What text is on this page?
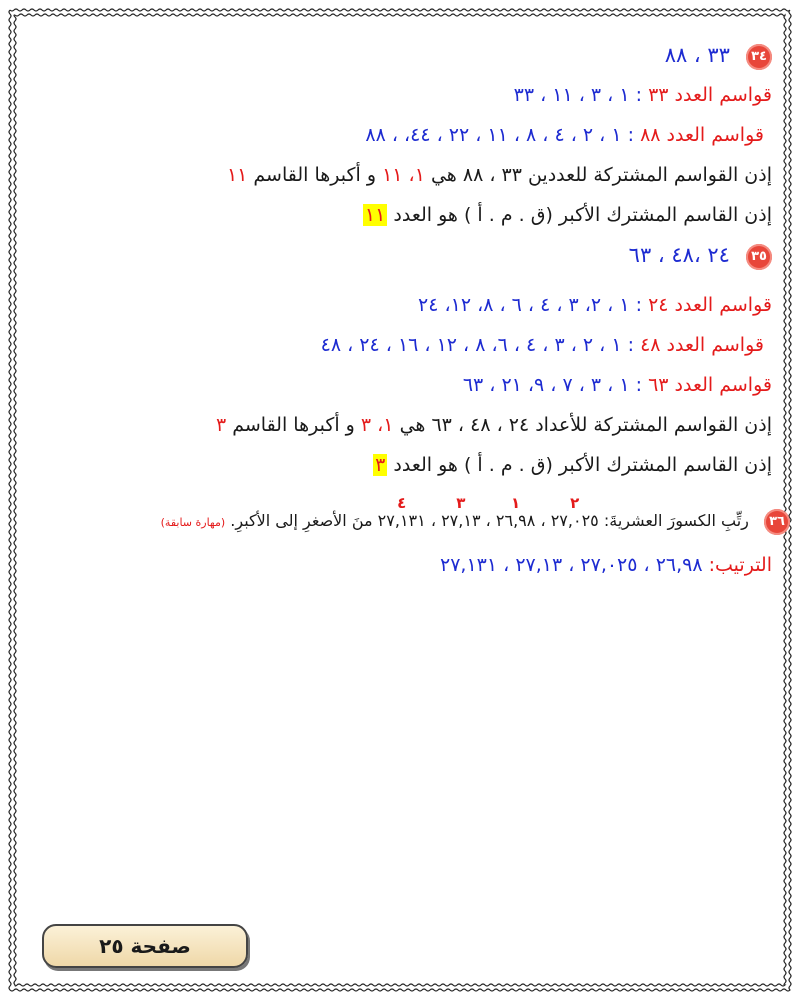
٣٤ ٣٣ ، ٨٨
قواسم العدد ٣٣ : ١ ، ٣ ، ١١ ، ٣٣
قواسم العدد ٨٨ : ١ ، ٢ ، ٤ ، ٨ ، ١١ ، ٢٢ ، ٤٤، ، ٨٨
إذن القواسم المشتركة للعددين ٣٣ ، ٨٨ هي ١، ١١ و أكبرها القاسم ١١
إذن القاسم المشترك الأكبر (ق . م . أ ) هو العدد ١١
٣٥ ٢٤ ،٤٨ ، ٦٣
قواسم العدد ٢٤ : ١ ، ٢، ٣ ، ٤ ، ٦ ، ٨، ١٢، ٢٤
قواسم العدد ٤٨ : ١ ، ٢ ، ٣ ، ٤ ، ٦، ٨ ، ١٢ ، ١٦ ، ٢٤ ، ٤٨
قواسم العدد ٦٣ : ١ ، ٣ ، ٧ ، ٩، ٢١ ، ٦٣
إذن القواسم المشتركة للأعداد ٢٤ ، ٤٨ ، ٦٣ هي ١، ٣ و أكبرها القاسم ٣
إذن القاسم المشترك الأكبر (ق . م . أ ) هو العدد ٣
٣٦ رتِّبِ الكسورَ العشريةَ: ٢٧,٠٢٥
٢
، ٢٦,٩٨
١
، ٢٧,١٣
٣
، ٢٧,١٣١
٤
منَ الأصغرِ إلى الأكبرِ. (مهارة سابقة)
الترتيب: ٢٦,٩٨ ، ٢٧,٠٢٥ ، ٢٧,١٣ ، ٢٧,١٣١
صفحة ٢٥
